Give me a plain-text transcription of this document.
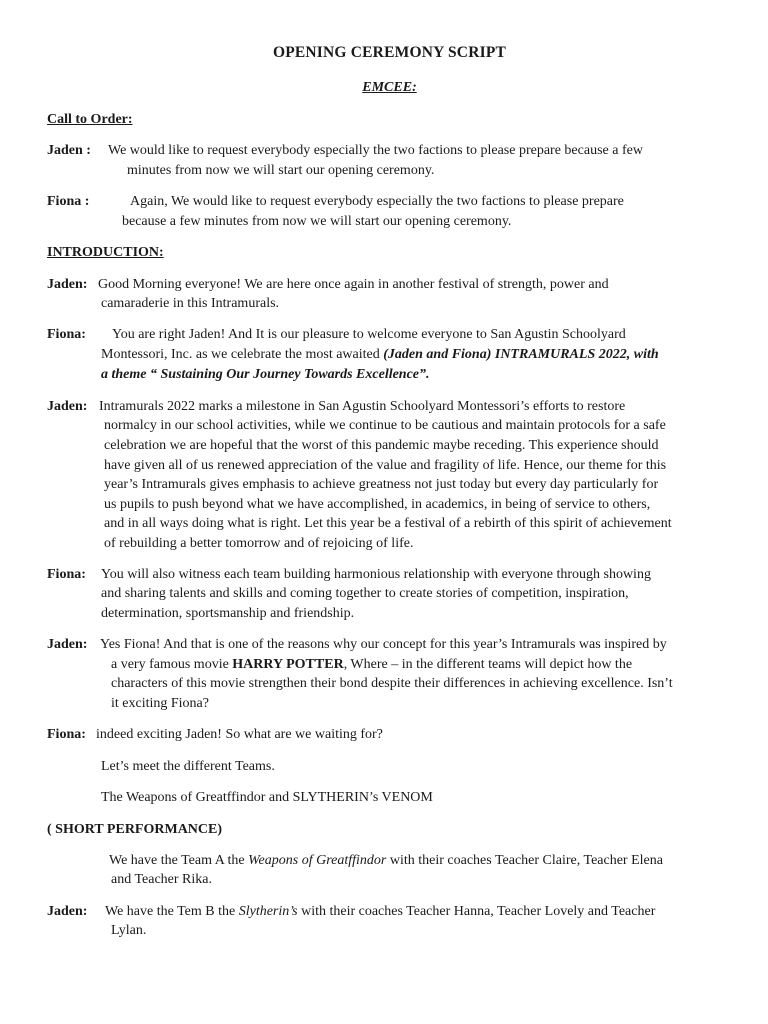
OPENING CEREMONY SCRIPT
EMCEE:
Call to Order:
Jaden : We would like to request everybody especially the two factions to please prepare because a few
minutes from now we will start our opening ceremony.
Fiona :	Again, We would like to request everybody especially the two factions to please prepare
because a few minutes from now we will start our opening ceremony.
INTRODUCTION:
Jaden: Good Morning everyone! We are here once again in another festival of strength, power and
camaraderie in this Intramurals.
Fiona: You are right Jaden! And It is our pleasure to welcome everyone to San Agustin Schoolyard
Montessori, Inc. as we celebrate the most awaited (Jaden and Fiona) INTRAMURALS 2022, with
a theme “ Sustaining Our Journey Towards Excellence”.
Jaden: Intramurals 2022 marks a milestone in San Agustin Schoolyard Montessori’s efforts to restore
normalcy in our school activities, while we continue to be cautious and maintain protocols for a safe
celebration we are hopeful that the worst of this pandemic maybe receding. This experience should
have given all of us renewed appreciation of the value and fragility of life. Hence, our theme for this
year’s Intramurals gives emphasis to achieve greatness not just today but every day particularly for
us pupils to push beyond what we have accomplished, in academics, in being of service to others,
and in all ways doing what is right. Let this year be a festival of a rebirth of this spirit of achievement
of rebuilding a better tomorrow and of rejoicing of life.
Fiona: You will also witness each team building harmonious relationship with everyone through showing
and sharing talents and skills and coming together to create stories of competition, inspiration,
determination, sportsmanship and friendship.
Jaden: Yes Fiona! And that is one of the reasons why our concept for this year’s Intramurals was inspired by
a very famous movie HARRY POTTER, Where – in the different teams will depict how the
characters of this movie strengthen their bond despite their differences in achieving excellence. Isn’t
it exciting Fiona?
Fiona: indeed exciting Jaden! So what are we waiting for?
Let’s meet the different Teams.
The Weapons of Greatffindor and SLYTHERIN’s VENOM
( SHORT PERFORMANCE)
We have the Team A the Weapons of Greatffindor with their coaches Teacher Claire, Teacher Elena
and Teacher Rika.
Jaden: We have the Tem B the Slytherin’s with their coaches Teacher Hanna, Teacher Lovely and Teacher
Lylan.
